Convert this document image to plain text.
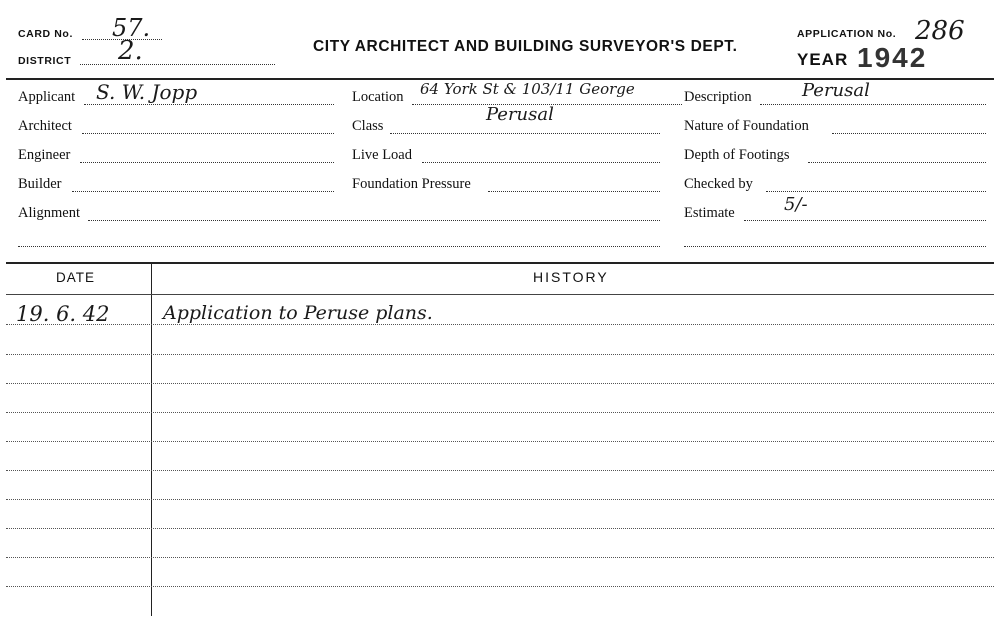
CARD No. 57.
DISTRICT 2.	CITY ARCHITECT AND BUILDING SURVEYOR'S DEPT.
APPLICATION No. 286
YEAR 1942
Applicant S. W. Jopp
Architect
Engineer
Builder
Alignment
Location 64 York St & 103/11 George
Class
Perusal
Live Load
Foundation Pressure
Description	Perusal
Nature of Foundation
Depth of Footings
Checked by
Estimate	5/-
DATE	HISTORY
19. 6. 42	Application to Peruse plans.
